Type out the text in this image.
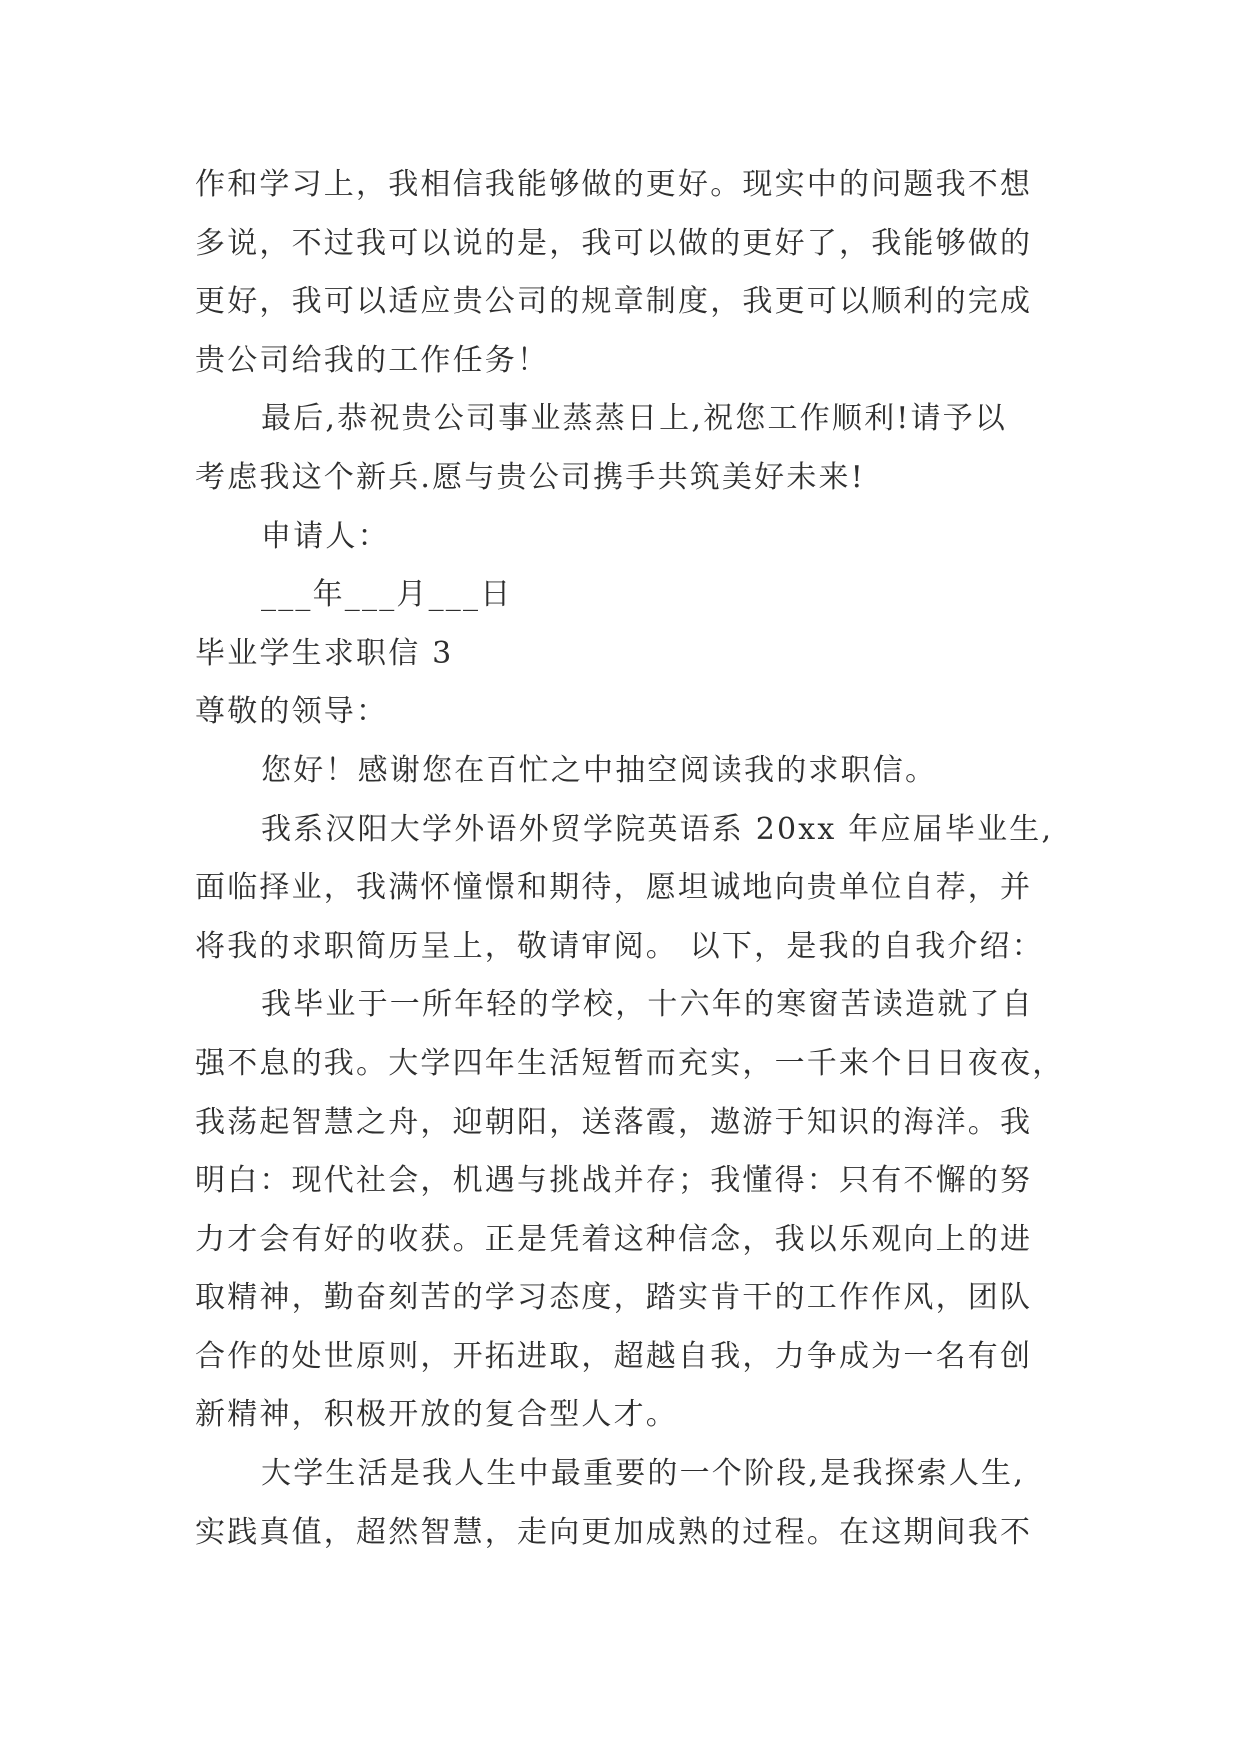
作和学习上，我相信我能够做的更好。现实中的问题我不想
多说，不过我可以说的是，我可以做的更好了，我能够做的
更好，我可以适应贵公司的规章制度，我更可以顺利的完成
贵公司给我的工作任务！
最后,恭祝贵公司事业蒸蒸日上,祝您工作顺利!请予以
考虑我这个新兵.愿与贵公司携手共筑美好未来!
申请人：
___年___月___日
毕业学生求职信 3
尊敬的领导：
您好！感谢您在百忙之中抽空阅读我的求职信。
我系汉阳大学外语外贸学院英语系 20xx 年应届毕业生,
面临择业，我满怀憧憬和期待，愿坦诚地向贵单位自荐，并
将我的求职简历呈上，敬请审阅。 以下，是我的自我介绍：
我毕业于一所年轻的学校，十六年的寒窗苦读造就了自
强不息的我。大学四年生活短暂而充实，一千来个日日夜夜，
我荡起智慧之舟，迎朝阳，送落霞，遨游于知识的海洋。我
明白：现代社会，机遇与挑战并存；我懂得：只有不懈的努
力才会有好的收获。正是凭着这种信念，我以乐观向上的进
取精神，勤奋刻苦的学习态度，踏实肯干的工作作风，团队
合作的处世原则，开拓进取，超越自我，力争成为一名有创
新精神，积极开放的复合型人才。
大学生活是我人生中最重要的一个阶段,是我探索人生,
实践真值，超然智慧，走向更加成熟的过程。在这期间我不
